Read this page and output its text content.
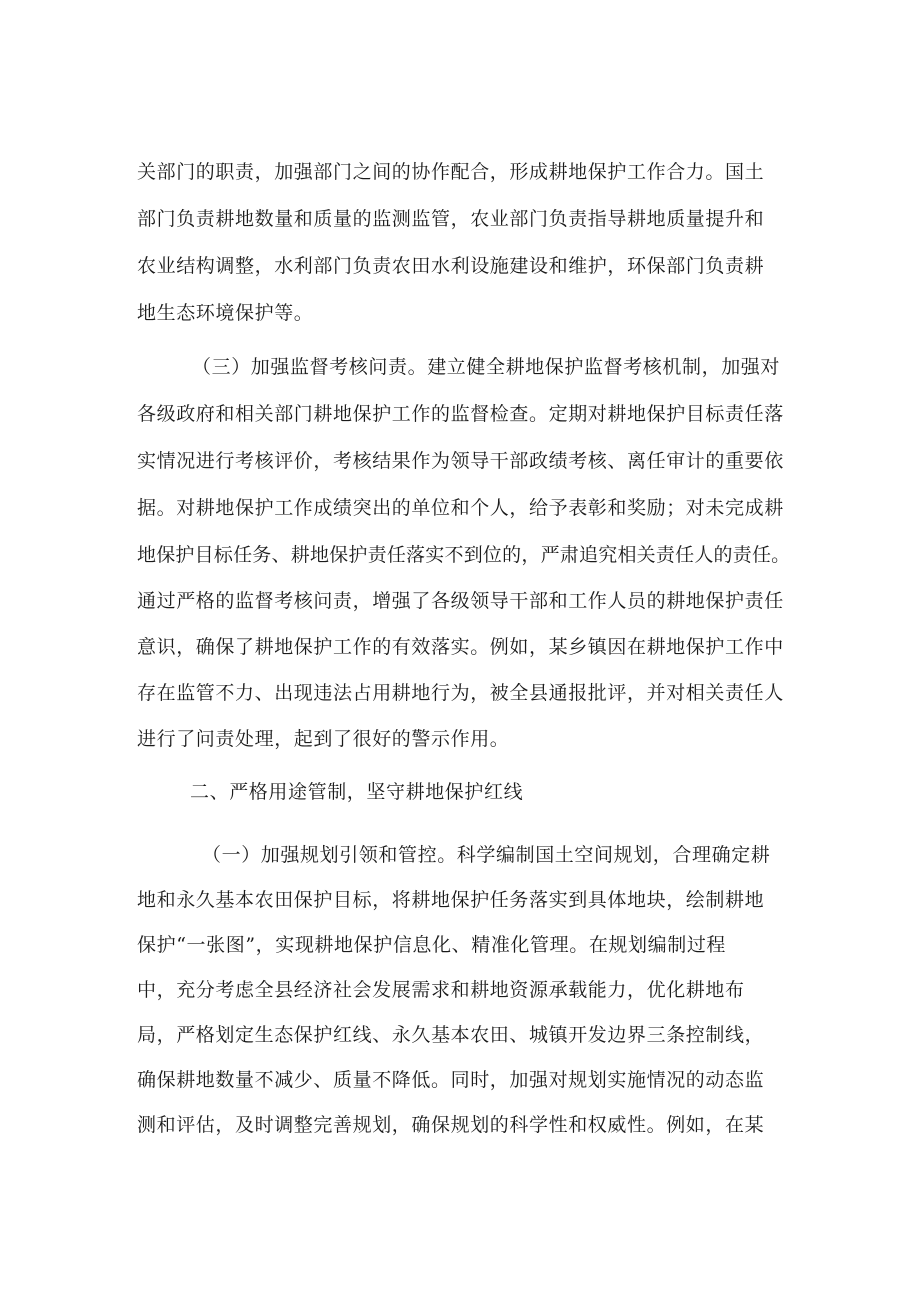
关部门的职责，加强部门之间的协作配合，形成耕地保护工作合力。国土
部门负责耕地数量和质量的监测监管，农业部门负责指导耕地质量提升和
农业结构调整，水利部门负责农田水利设施建设和维护，环保部门负责耕
地生态环境保护等。
（三）加强监督考核问责。建立健全耕地保护监督考核机制，加强对
各级政府和相关部门耕地保护工作的监督检查。定期对耕地保护目标责任落
实情况进行考核评价，考核结果作为领导干部政绩考核、离任审计的重要依
据。对耕地保护工作成绩突出的单位和个人，给予表彰和奖励；对未完成耕
地保护目标任务、耕地保护责任落实不到位的，严肃追究相关责任人的责任。
通过严格的监督考核问责，增强了各级领导干部和工作人员的耕地保护责任
意识，确保了耕地保护工作的有效落实。例如，某乡镇因在耕地保护工作中
存在监管不力、出现违法占用耕地行为，被全县通报批评，并对相关责任人
进行了问责处理，起到了很好的警示作用。
二、严格用途管制，坚守耕地保护红线
（一）加强规划引领和管控。科学编制国土空间规划，合理确定耕
地和永久基本农田保护目标，将耕地保护任务落实到具体地块，绘制耕地
保护“一张图”，实现耕地保护信息化、精准化管理。在规划编制过程
中，充分考虑全县经济社会发展需求和耕地资源承载能力，优化耕地布
局，严格划定生态保护红线、永久基本农田、城镇开发边界三条控制线，
确保耕地数量不减少、质量不降低。同时，加强对规划实施情况的动态监
测和评估，及时调整完善规划，确保规划的科学性和权威性。例如，在某
